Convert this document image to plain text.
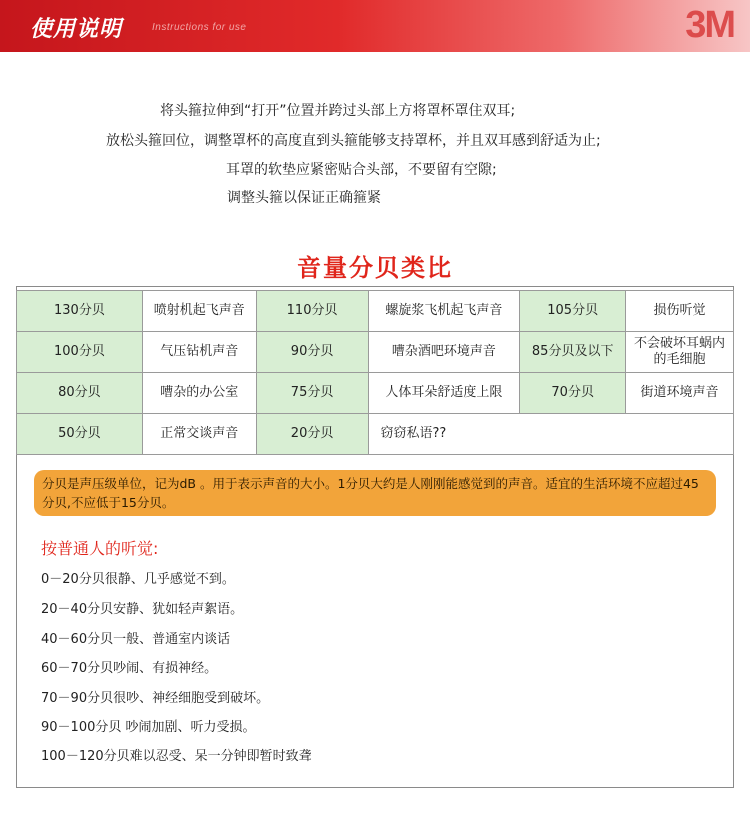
使用说明	Instructions for use	3M
将头箍拉伸到“打开”位置并跨过头部上方将罩杯罩住双耳;
放松头箍回位，调整罩杯的高度直到头箍能够支持罩杯，并且双耳感到舒适为止;
耳罩的软垫应紧密贴合头部，不要留有空隙;
调整头箍以保证正确箍紧
音量分贝类比
130分贝	喷射机起飞声音	110分贝	螺旋浆飞机起飞声音	105分贝	损伤听觉
100分贝	气压钻机声音	90分贝	嘈杂酒吧环境声音	85分贝及以下	不会破坏耳蜗内的毛细胞
80分贝	嘈杂的办公室	75分贝	人体耳朵舒适度上限	70分贝	街道环境声音
50分贝	正常交谈声音	20分贝	窃窃私语??		
分贝是声压级单位，记为dB 。用于表示声音的大小。1分贝大约是人刚刚能感觉到的声音。适宜的生活环境不应超过45分贝,不应低于15分贝。
按普通人的听觉:
0－20分贝很静、几乎感觉不到。
20－40分贝安静、犹如轻声絮语。
40－60分贝一般、普通室内谈话
60－70分贝吵闹、有损神经。
70－90分贝很吵、神经细胞受到破坏。
90－100分贝 吵闹加剧、听力受损。
100－120分贝难以忍受、呆一分钟即暂时致聋
